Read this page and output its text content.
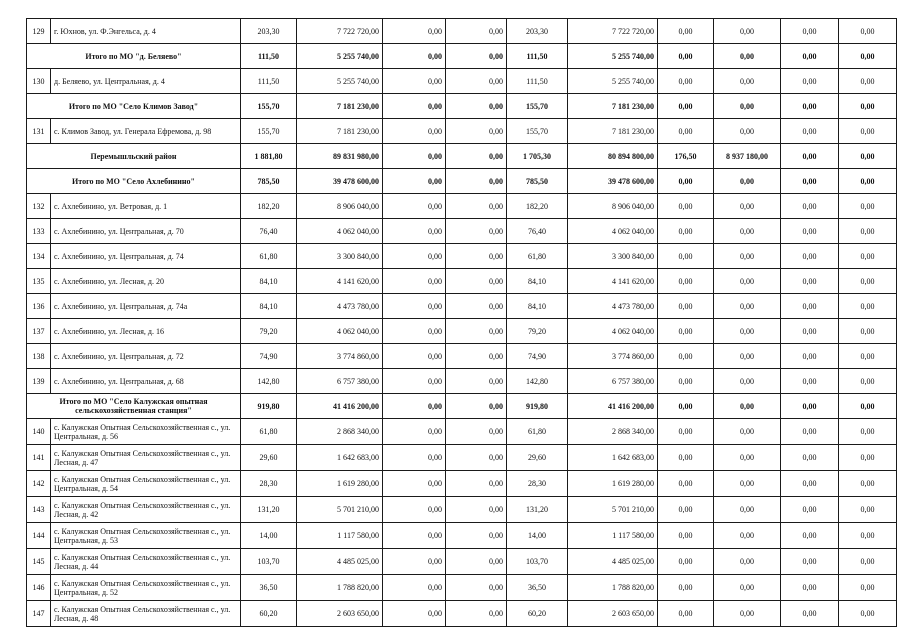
129	г. Юхнов, ул. Ф.Энгельса, д. 4	203,30	7 722 720,00	0,00	0,00	203,30	7 722 720,00	0,00	0,00	0,00	0,00
Итого по МО "д. Беляево"		111,50	5 255 740,00	0,00	0,00	111,50	5 255 740,00	0,00	0,00	0,00	0,00
130	д. Беляево, ул. Центральная, д. 4	111,50	5 255 740,00	0,00	0,00	111,50	5 255 740,00	0,00	0,00	0,00	0,00
Итого по МО "Село Климов Завод"		155,70	7 181 230,00	0,00	0,00	155,70	7 181 230,00	0,00	0,00	0,00	0,00
131	с. Климов Завод, ул. Генерала Ефремова, д. 98	155,70	7 181 230,00	0,00	0,00	155,70	7 181 230,00	0,00	0,00	0,00	0,00
Перемышльский район		1 881,80	89 831 980,00	0,00	0,00	1 705,30	80 894 800,00	176,50	8 937 180,00	0,00	0,00
Итого по МО "Село Ахлебинино"		785,50	39 478 600,00	0,00	0,00	785,50	39 478 600,00	0,00	0,00	0,00	0,00
132	с. Ахлебинино, ул. Ветровая, д. 1	182,20	8 906 040,00	0,00	0,00	182,20	8 906 040,00	0,00	0,00	0,00	0,00
133	с. Ахлебинино, ул. Центральная, д. 70	76,40	4 062 040,00	0,00	0,00	76,40	4 062 040,00	0,00	0,00	0,00	0,00
134	с. Ахлебинино, ул. Центральная, д. 74	61,80	3 300 840,00	0,00	0,00	61,80	3 300 840,00	0,00	0,00	0,00	0,00
135	с. Ахлебинино, ул. Лесная, д. 20	84,10	4 141 620,00	0,00	0,00	84,10	4 141 620,00	0,00	0,00	0,00	0,00
136	с. Ахлебинино, ул. Центральная, д. 74а	84,10	4 473 780,00	0,00	0,00	84,10	4 473 780,00	0,00	0,00	0,00	0,00
137	с. Ахлебинино, ул. Лесная, д. 16	79,20	4 062 040,00	0,00	0,00	79,20	4 062 040,00	0,00	0,00	0,00	0,00
138	с. Ахлебинино, ул. Центральная, д. 72	74,90	3 774 860,00	0,00	0,00	74,90	3 774 860,00	0,00	0,00	0,00	0,00
139	с. Ахлебинино, ул. Центральная, д. 68	142,80	6 757 380,00	0,00	0,00	142,80	6 757 380,00	0,00	0,00	0,00	0,00
Итого по МО "Село Калужская опытная сельскохозяйственная станция"		919,80	41 416 200,00	0,00	0,00	919,80	41 416 200,00	0,00	0,00	0,00	0,00
140	с. Калужская Опытная Сельскохозяйственная с., ул. Центральная, д. 56	61,80	2 868 340,00	0,00	0,00	61,80	2 868 340,00	0,00	0,00	0,00	0,00
141	с. Калужская Опытная Сельскохозяйственная с., ул. Лесная, д. 47	29,60	1 642 683,00	0,00	0,00	29,60	1 642 683,00	0,00	0,00	0,00	0,00
142	с. Калужская Опытная Сельскохозяйственная с., ул. Центральная, д. 54	28,30	1 619 280,00	0,00	0,00	28,30	1 619 280,00	0,00	0,00	0,00	0,00
143	с. Калужская Опытная Сельскохозяйственная с., ул. Лесная, д. 42	131,20	5 701 210,00	0,00	0,00	131,20	5 701 210,00	0,00	0,00	0,00	0,00
144	с. Калужская Опытная Сельскохозяйственная с., ул. Центральная, д. 53	14,00	1 117 580,00	0,00	0,00	14,00	1 117 580,00	0,00	0,00	0,00	0,00
145	с. Калужская Опытная Сельскохозяйственная с., ул. Лесная, д. 44	103,70	4 485 025,00	0,00	0,00	103,70	4 485 025,00	0,00	0,00	0,00	0,00
146	с. Калужская Опытная Сельскохозяйственная с., ул. Центральная, д. 52	36,50	1 788 820,00	0,00	0,00	36,50	1 788 820,00	0,00	0,00	0,00	0,00
147	с. Калужская Опытная Сельскохозяйственная с., ул. Лесная, д. 48	60,20	2 603 650,00	0,00	0,00	60,20	2 603 650,00	0,00	0,00	0,00	0,00
